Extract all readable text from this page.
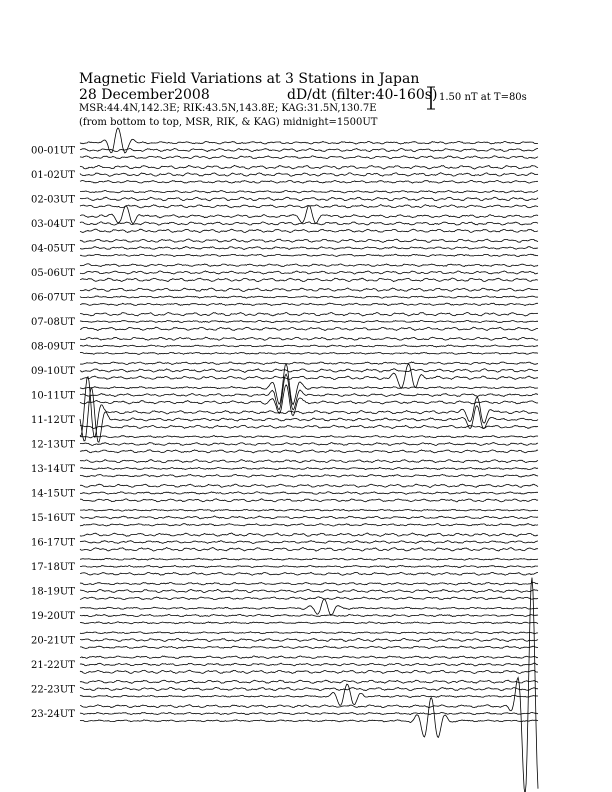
Magnetic Field Variations at 3 Stations in Japan
28 December2008	dD/dt (filter:40-160s)
MSR:44.4N,142.3E; RIK:43.5N,143.8E; KAG:31.5N,130.7E
(from bottom to top, MSR, RIK, & KAG) midnight=1500UT
1.50 nT at T=80s
00-01UT
01-02UT
02-03UT
03-04UT
04-05UT
05-06UT
06-07UT
07-08UT
08-09UT
09-10UT
10-11UT
11-12UT
12-13UT
13-14UT
14-15UT
15-16UT
16-17UT
17-18UT
18-19UT
19-20UT
20-21UT
21-22UT
22-23UT
23-24UT
